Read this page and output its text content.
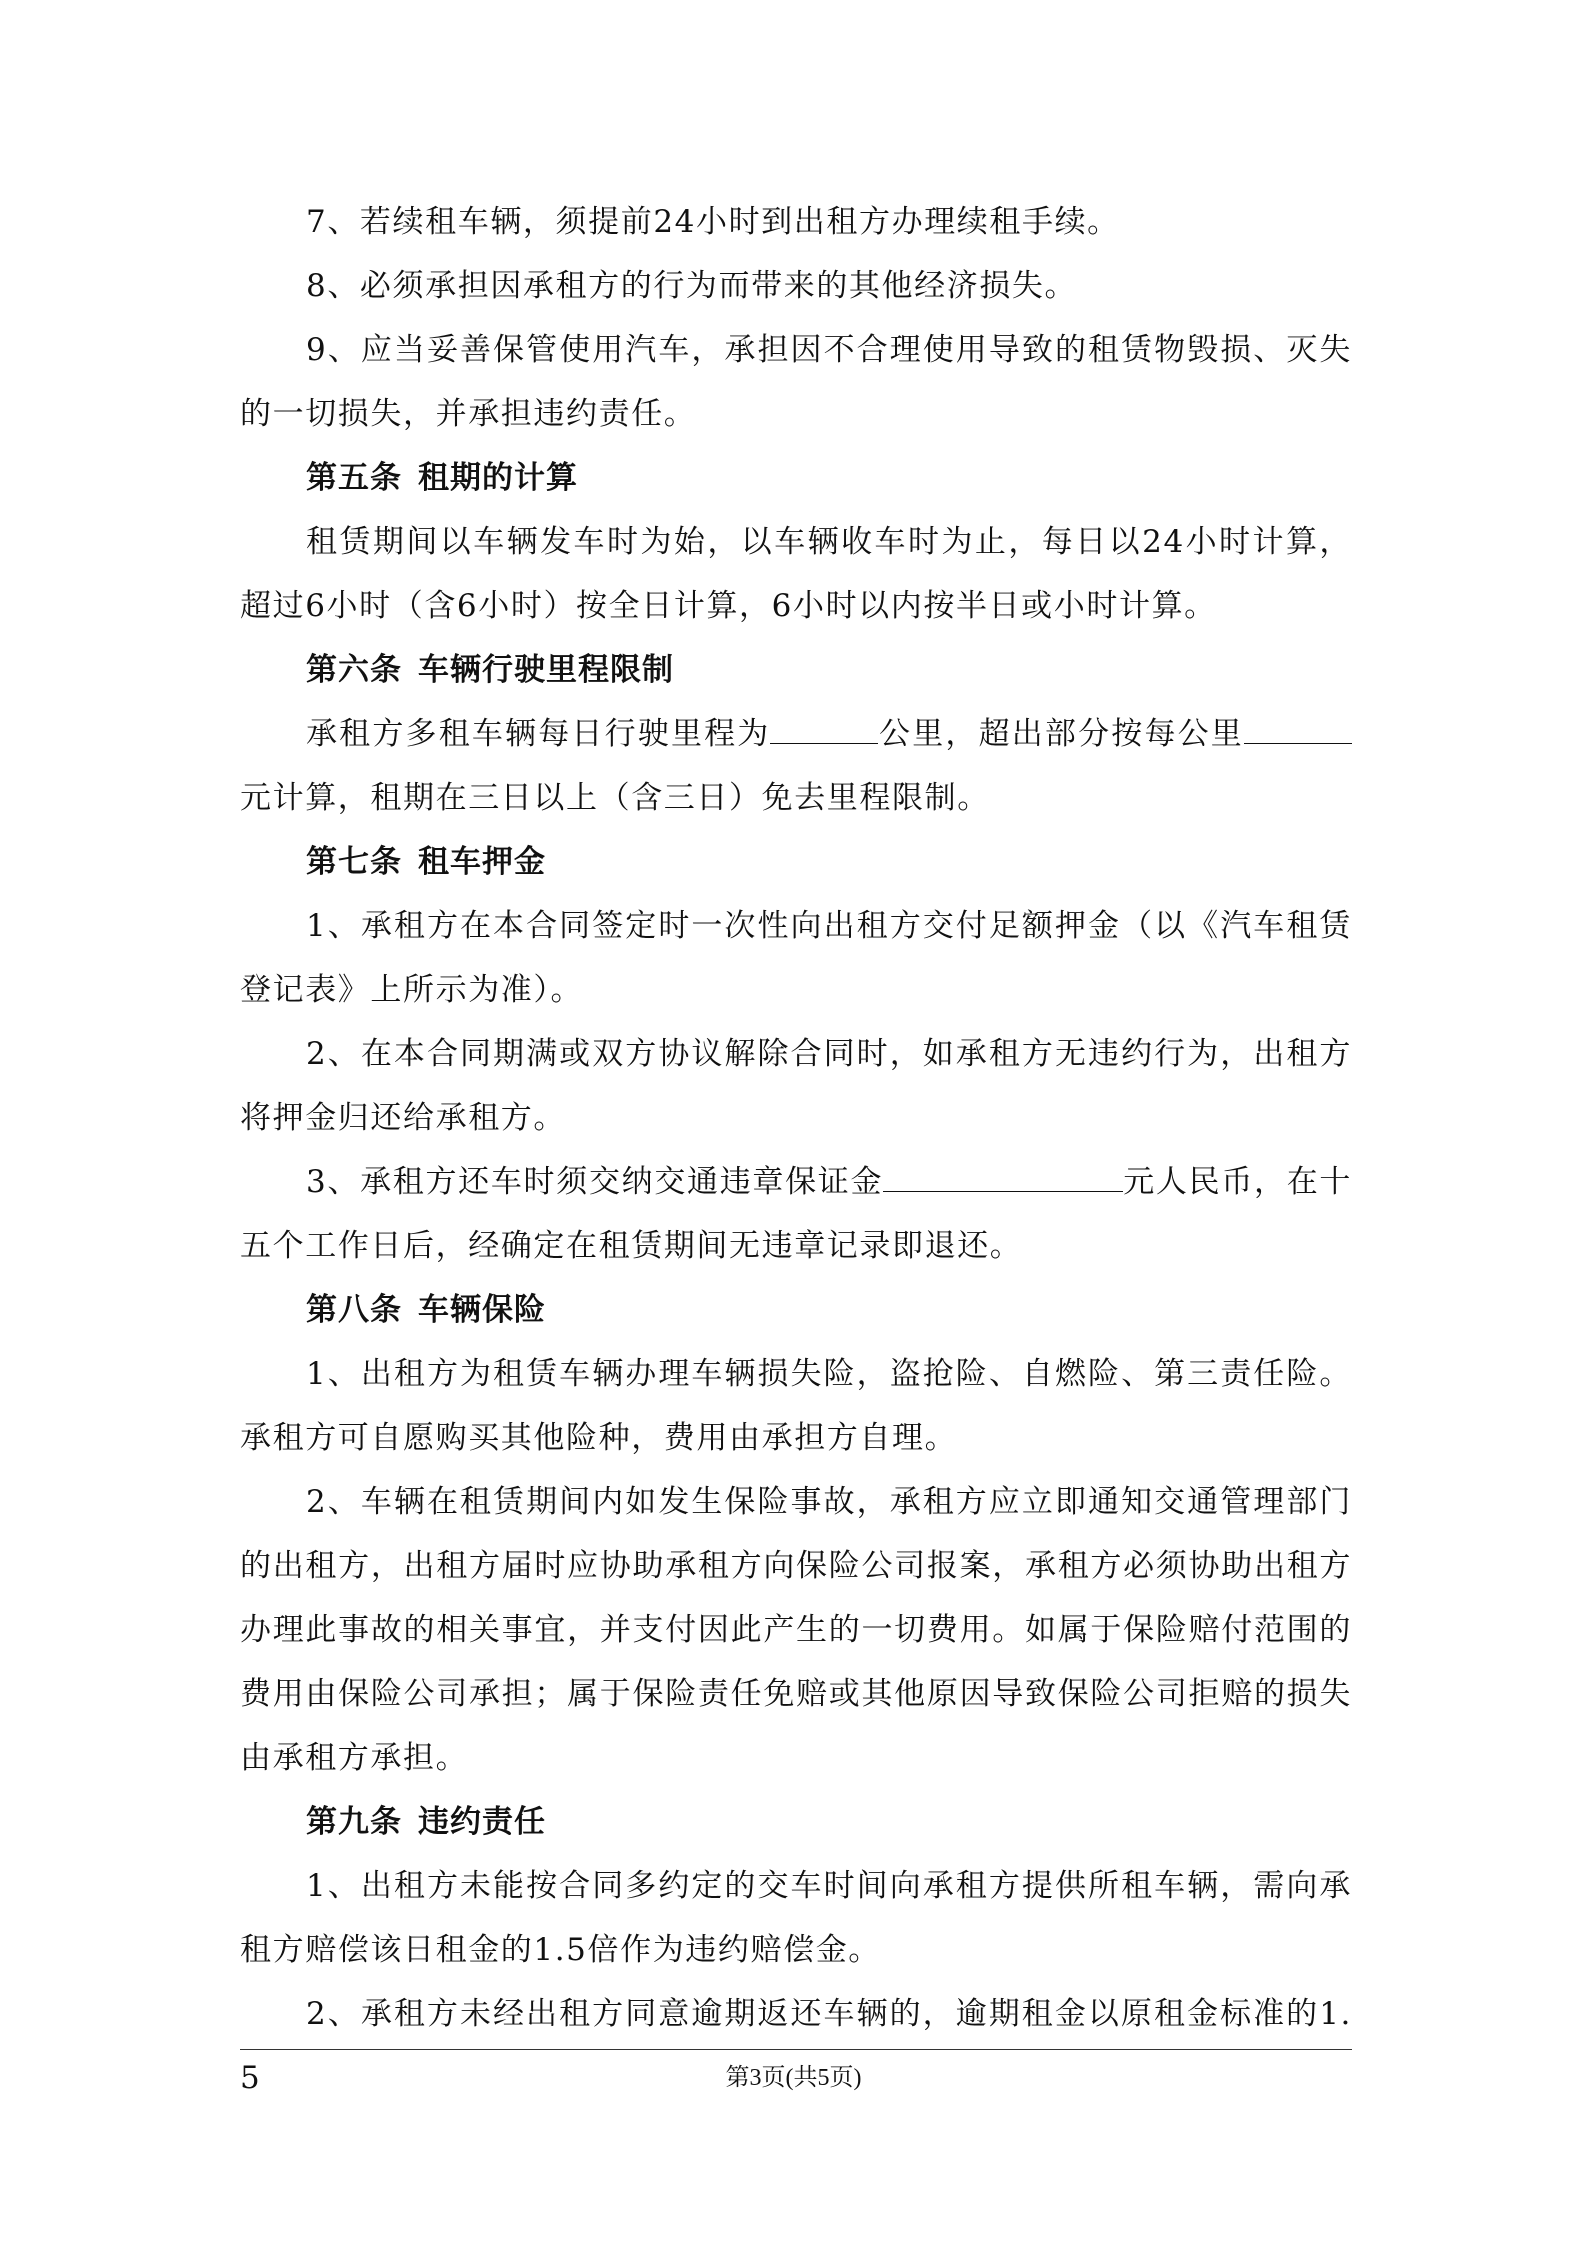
7、若续租车辆，须提前24小时到出租方办理续租手续。

8、必须承担因承租方的行为而带来的其他经济损失。

9、应当妥善保管使用汽车，承担因不合理使用导致的租赁物毁损、灭失的一切损失，并承担违约责任。

第五条 租期的计算

租赁期间以车辆发车时为始，以车辆收车时为止，每日以24小时计算，超过6小时（含6小时）按全日计算，6小时以内按半日或小时计算。

第六条 车辆行驶里程限制

承租方多租车辆每日行驶里程为	公里，超出部分按每公里元计算，租期在三日以上（含三日）免去里程限制。

第七条 租车押金

1、承租方在本合同签定时一次性向出租方交付足额押金（以《汽车租赁登记表》上所示为准）。

2、在本合同期满或双方协议解除合同时，如承租方无违约行为，出租方将押金归还给承租方。

3、承租方还车时须交纳交通违章保证金	元人民币，在十五个工作日后，经确定在租赁期间无违章记录即退还。

第八条 车辆保险

1、出租方为租赁车辆办理车辆损失险，盗抢险、自燃险、第三责任险。承租方可自愿购买其他险种，费用由承担方自理。

2、车辆在租赁期间内如发生保险事故，承租方应立即通知交通管理部门的出租方，出租方届时应协助承租方向保险公司报案，承租方必须协助出租方办理此事故的相关事宜，并支付因此产生的一切费用。如属于保险赔付范围的费用由保险公司承担；属于保险责任免赔或其他原因导致保险公司拒赔的损失由承租方承担。

第九条 违约责任

1、出租方未能按合同多约定的交车时间向承租方提供所租车辆，需向承租方赔偿该日租金的1.5倍作为违约赔偿金。

2、承租方未经出租方同意逾期返还车辆的，逾期租金以原租金标准的1.5	第3页(共5页)
